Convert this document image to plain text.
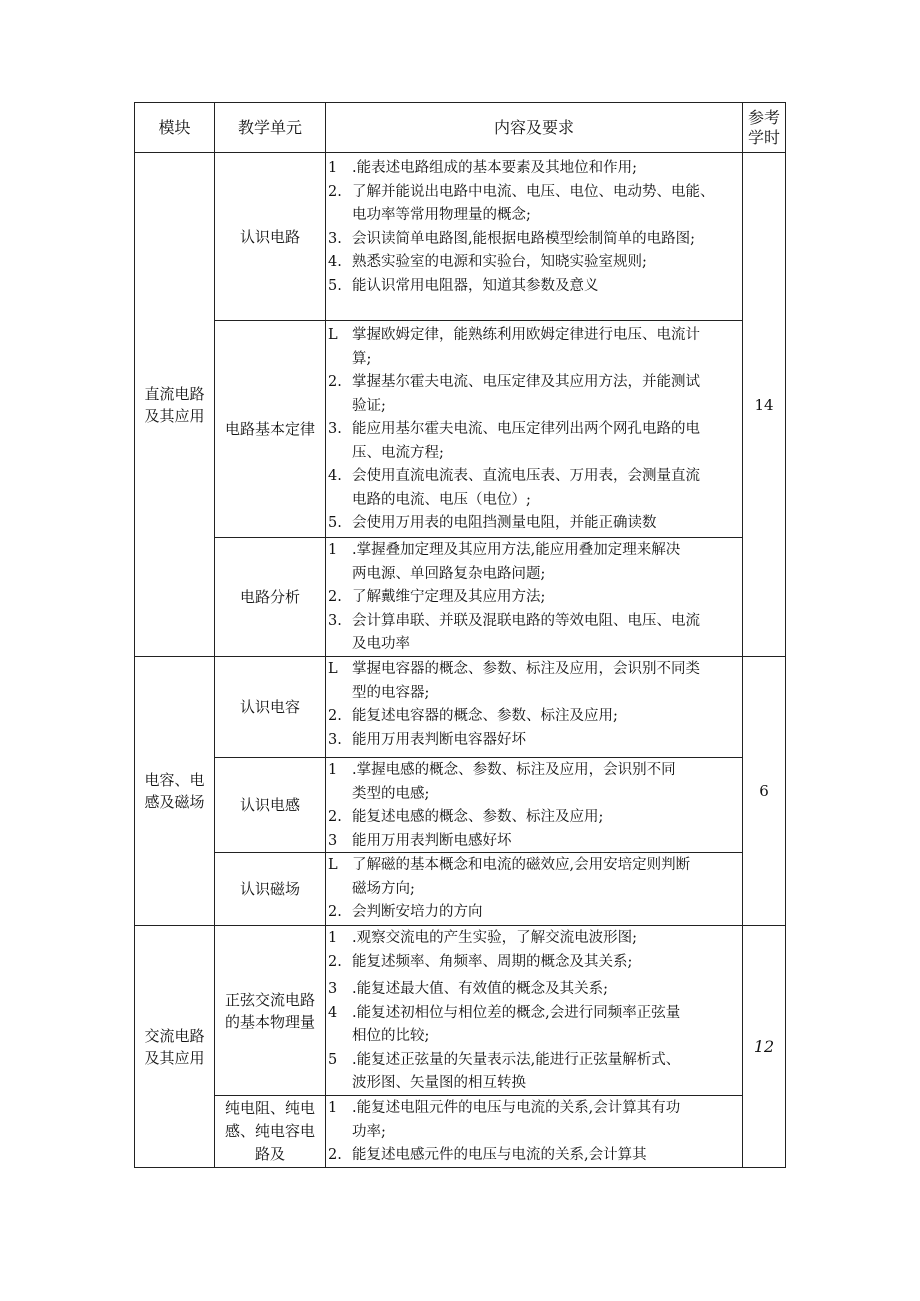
模块	教学单元	内容及要求
参考
学时
直流电路
及其应用
14
认识电路
1 .能表述电路组成的基本要素及其地位和作用;
2. 了解并能说出电路中电流、电压、电位、电动势、电能、
电功率等常用物理量的概念;
3. 会识读简单电路图,能根据电路模型绘制简单的电路图;
4. 熟悉实验室的电源和实验台，知晓实验室规则;
5. 能认识常用电阻器，知道其参数及意义
电路基本定律
L 掌握欧姆定律，能熟练利用欧姆定律进行电压、电流计
算;
2. 掌握基尔霍夫电流、电压定律及其应用方法，并能测试
验证;
3. 能应用基尔霍夫电流、电压定律列出两个网孔电路的电
压、电流方程;
4. 会使用直流电流表、直流电压表、万用表，会测量直流
电路的电流、电压（电位）;
5. 会使用万用表的电阻挡测量电阻，并能正确读数
电路分析
1 .掌握叠加定理及其应用方法,能应用叠加定理来解决
两电源、单回路复杂电路问题;
2. 了解戴维宁定理及其应用方法;
3. 会计算串联、并联及混联电路的等效电阻、电压、电流
及电功率
电容、电
感及磁场
6
认识电容
L 掌握电容器的概念、参数、标注及应用，会识别不同类
型的电容器;
2. 能复述电容器的概念、参数、标注及应用;
3. 能用万用表判断电容器好坏
认识电感
1 .掌握电感的概念、参数、标注及应用，会识别不同
类型的电感;
2. 能复述电感的概念、参数、标注及应用;
3 能用万用表判断电感好坏
认识磁场
L 了解磁的基本概念和电流的磁效应,会用安培定则判断
磁场方向;
2. 会判断安培力的方向
交流电路
及其应用
12
正弦交流电路
的基本物理量
1 .观察交流电的产生实验，了解交流电波形图;
2. 能复述频率、角频率、周期的概念及其关系;
3 .能复述最大值、有效值的概念及其关系;
4 .能复述初相位与相位差的概念,会进行同频率正弦量
相位的比较;
5 .能复述正弦量的矢量表示法,能进行正弦量解析式、
波形图、矢量图的相互转换
纯电阻、纯电
感、纯电容电
路及
1 .能复述电阻元件的电压与电流的关系,会计算其有功
功率;
2. 能复述电感元件的电压与电流的关系,会计算其
